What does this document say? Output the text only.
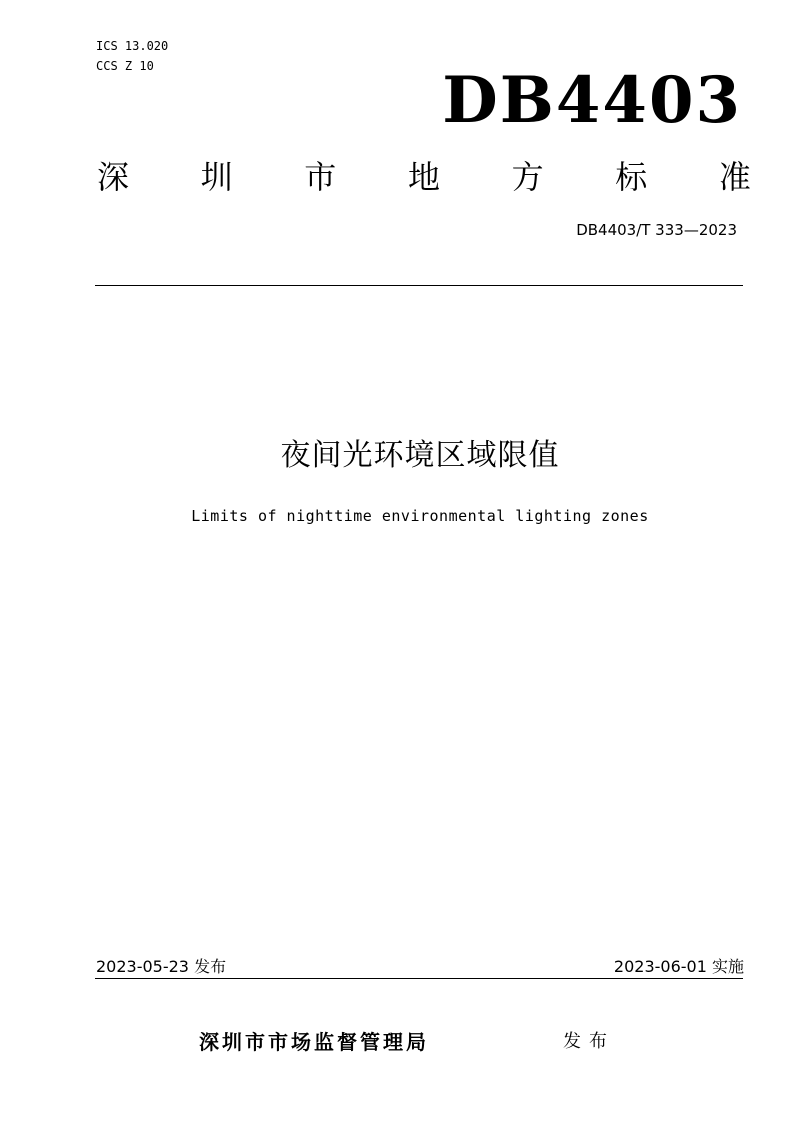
ICS 13.020
CCS Z 10	DB4403
深 圳 市 地 方 标 准
DB4403/T 333—2023
夜间光环境区域限值
Limits of nighttime environmental lighting zones
2023-05-23 发布	2023-06-01 实施
深圳市市场监督管理局	发布
